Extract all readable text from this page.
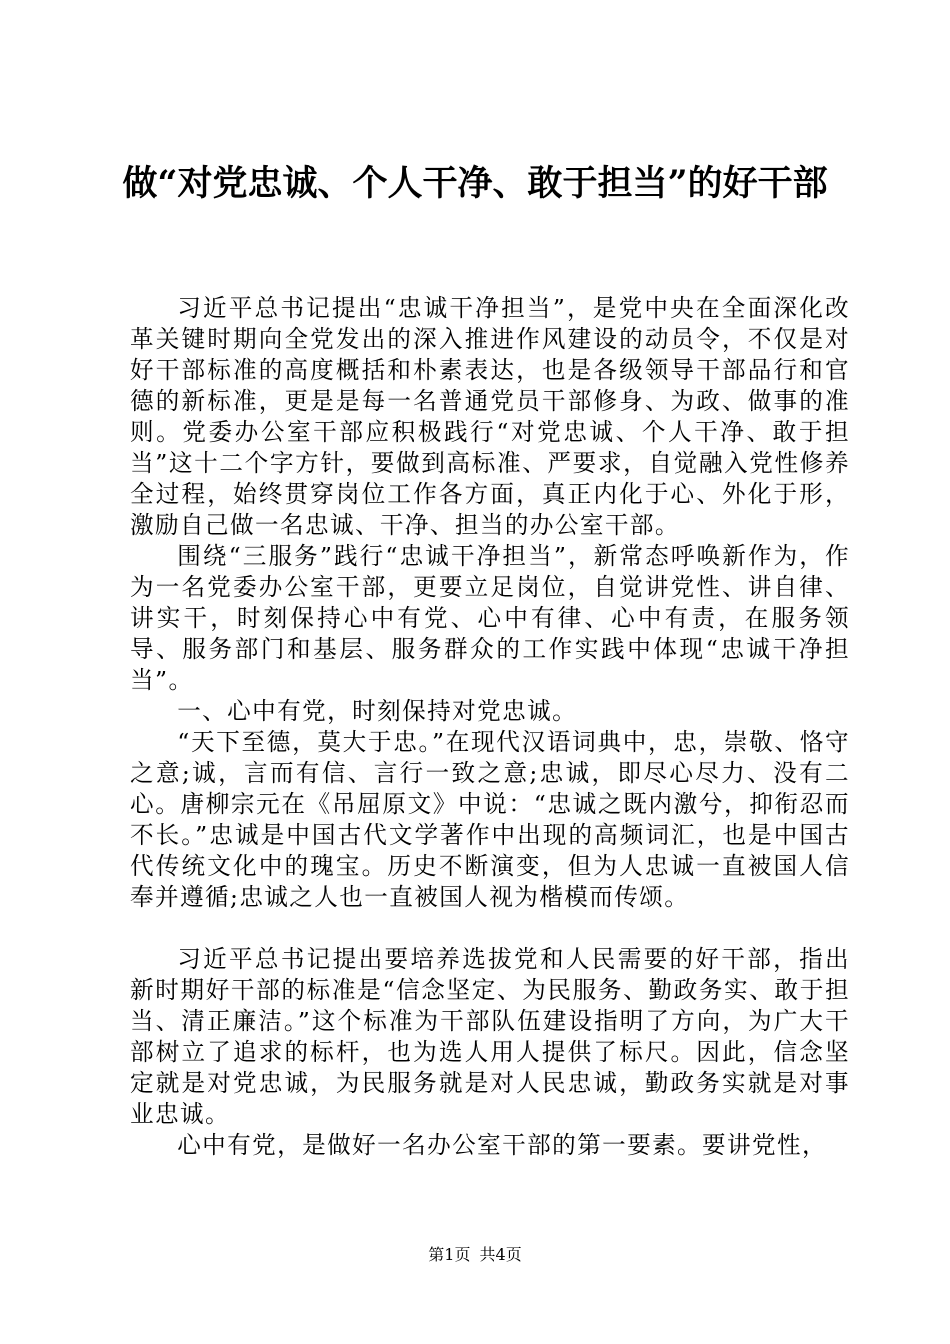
做“对党忠诚、个人干净、敢于担当”的好干部

习近平总书记提出“忠诚干净担当”，是党中央在全面深化改革关键时期向全党发出的深入推进作风建设的动员令，不仅是对好干部标准的高度概括和朴素表达，也是各级领导干部品行和官德的新标准，更是是每一名普通党员干部修身、为政、做事的准则。党委办公室干部应积极践行“对党忠诚、个人干净、敢于担当”这十二个字方针，要做到高标准、严要求，自觉融入党性修养全过程，始终贯穿岗位工作各方面，真正内化于心、外化于形，激励自己做一名忠诚、干净、担当的办公室干部。

围绕“三服务”践行“忠诚干净担当”，新常态呼唤新作为，作为一名党委办公室干部，更要立足岗位，自觉讲党性、讲自律、讲实干，时刻保持心中有党、心中有律、心中有责，在服务领导、服务部门和基层、服务群众的工作实践中体现“忠诚干净担当”。

一、心中有党，时刻保持对党忠诚。

“天下至德，莫大于忠。”在现代汉语词典中，忠，崇敬、恪守之意;诚，言而有信、言行一致之意;忠诚，即尽心尽力、没有二心。唐柳宗元在《吊屈原文》中说：“忠诚之既内激兮，抑衔忍而不长。”忠诚是中国古代文学著作中出现的高频词汇，也是中国古代传统文化中的瑰宝。历史不断演变，但为人忠诚一直被国人信奉并遵循;忠诚之人也一直被国人视为楷模而传颂。

习近平总书记提出要培养选拔党和人民需要的好干部，指出新时期好干部的标准是“信念坚定、为民服务、勤政务实、敢于担当、清正廉洁。”这个标准为干部队伍建设指明了方向，为广大干部树立了追求的标杆，也为选人用人提供了标尺。因此，信念坚定就是对党忠诚，为民服务就是对人民忠诚，勤政务实就是对事业忠诚。

心中有党，是做好一名办公室干部的第一要素。要讲党性，

第1页 共4页
